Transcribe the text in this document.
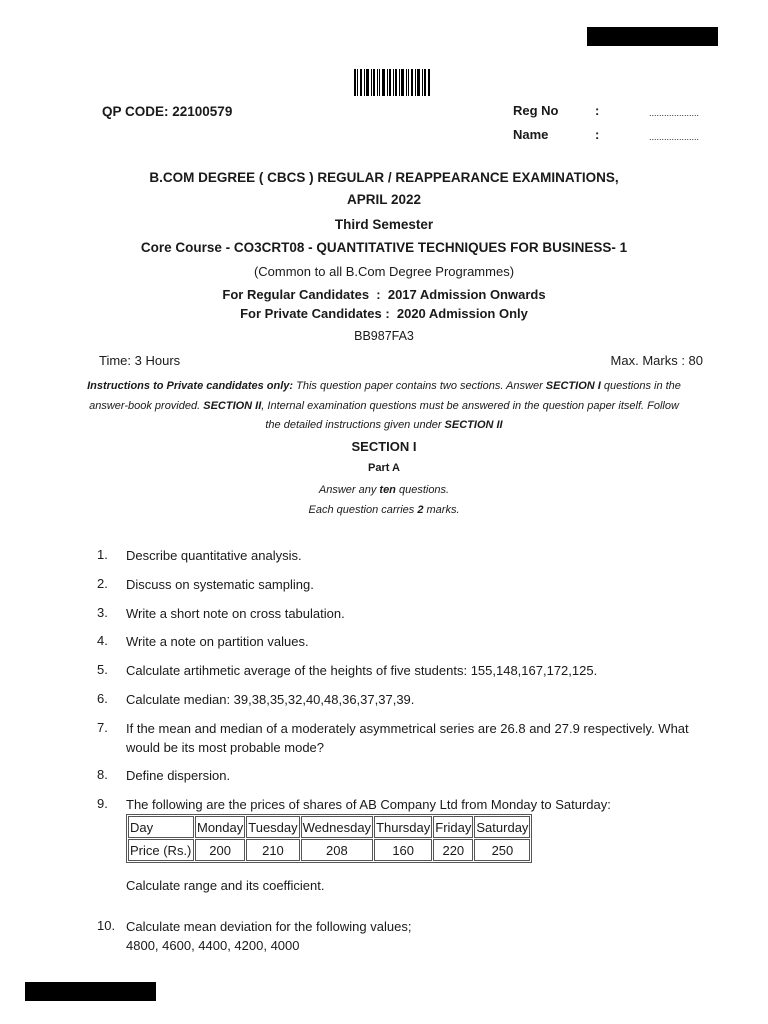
QP CODE: 22100579	Reg No	:	....................
Name	:	....................
B.COM DEGREE ( CBCS ) REGULAR / REAPPEARANCE EXAMINATIONS,
APRIL 2022
Third Semester
Core Course - CO3CRT08 - QUANTITATIVE TECHNIQUES FOR BUSINESS- 1
(Common to all B.Com Degree Programmes)
For Regular Candidates  :  2017 Admission Onwards
For Private Candidates :  2020 Admission Only
BB987FA3
Time: 3 Hours	Max. Marks : 80
Instructions to Private candidates only: This question paper contains two sections. Answer SECTION I questions in the
answer-book provided. SECTION II, Internal examination questions must be answered in the question paper itself. Follow
the detailed instructions given under SECTION II
SECTION I
Part A
Answer any ten questions.
Each question carries 2 marks.
1. Describe quantitative analysis.
2. Discuss on systematic sampling.
3. Write a short note on cross tabulation.
4. Write a note on partition values.
5. Calculate artihmetic average of the heights of five students: 155,148,167,172,125.
6. Calculate median: 39,38,35,32,40,48,36,37,37,39.
7. If the mean and median of a moderately asymmetrical series are 26.8 and 27.9 respectively. What would be its most probable mode?
8. Define dispersion.
9. The following are the prices of shares of AB Company Ltd from Monday to Saturday:
Day	Monday	Tuesday	Wednesday	Thursday	Friday	Saturday
Price (Rs.)	200	210	208	160	220	250
Calculate range and its coefficient.
10. Calculate mean deviation for the following values;
4800, 4600, 4400, 4200, 4000
